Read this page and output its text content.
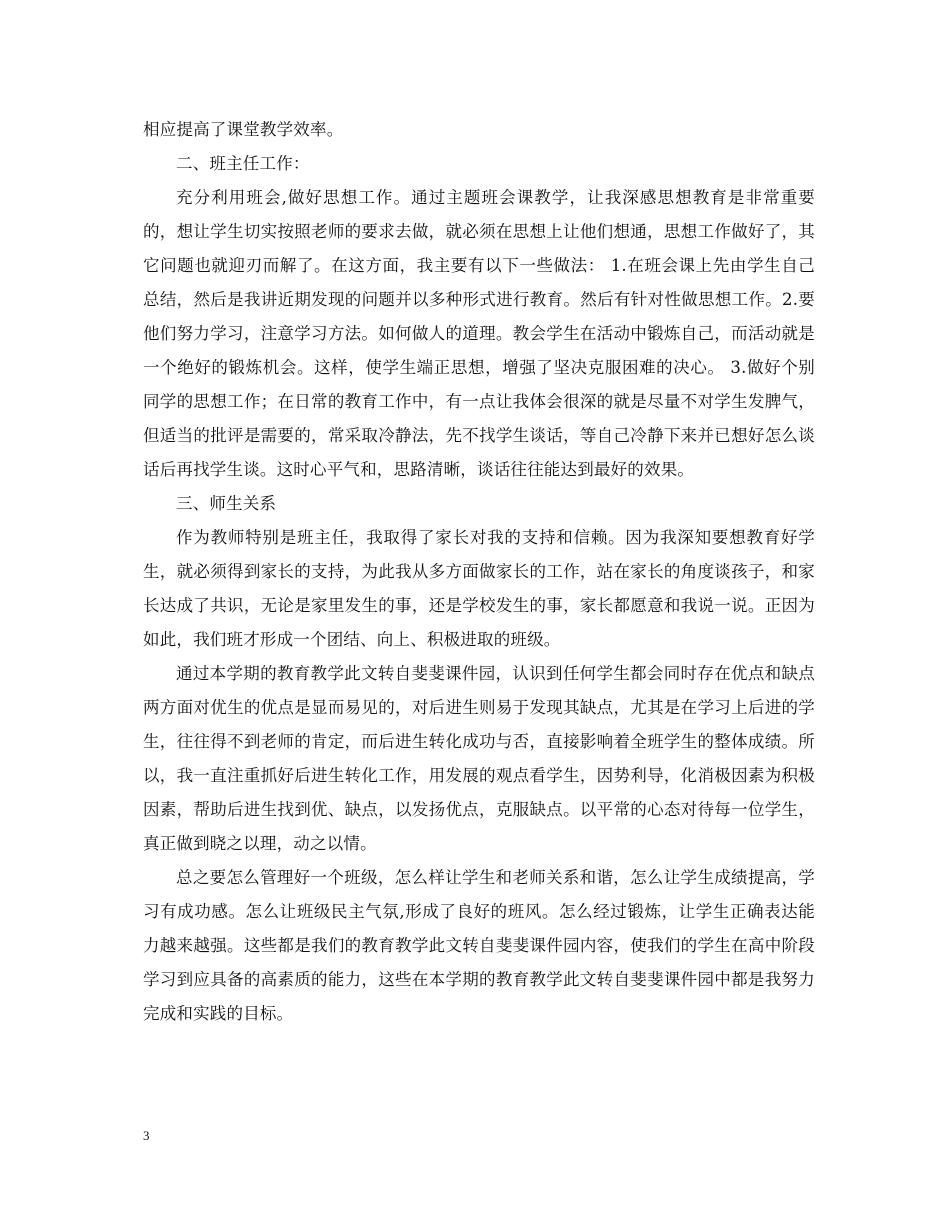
相应提高了课堂教学效率。

二、班主任工作：

充分利用班会,做好思想工作。通过主题班会课教学，让我深感思想教育是非常重要的，想让学生切实按照老师的要求去做，就必须在思想上让他们想通，思想工作做好了，其它问题也就迎刃而解了。在这方面，我主要有以下一些做法： 1.在班会课上先由学生自己总结，然后是我讲近期发现的问题并以多种形式进行教育。然后有针对性做思想工作。2.要他们努力学习，注意学习方法。如何做人的道理。教会学生在活动中锻炼自己，而活动就是一个绝好的锻炼机会。这样，使学生端正思想，增强了坚决克服困难的决心。 3.做好个别同学的思想工作；在日常的教育工作中，有一点让我体会很深的就是尽量不对学生发脾气，但适当的批评是需要的，常采取冷静法，先不找学生谈话，等自己冷静下来并已想好怎么谈话后再找学生谈。这时心平气和，思路清晰，谈话往往能达到最好的效果。

三、师生关系

作为教师特别是班主任，我取得了家长对我的支持和信赖。因为我深知要想教育好学生，就必须得到家长的支持，为此我从多方面做家长的工作，站在家长的角度谈孩子，和家长达成了共识，无论是家里发生的事，还是学校发生的事，家长都愿意和我说一说。正因为如此，我们班才形成一个团结、向上、积极进取的班级。

通过本学期的教育教学此文转自斐斐课件园，认识到任何学生都会同时存在优点和缺点两方面对优生的优点是显而易见的，对后进生则易于发现其缺点，尤其是在学习上后进的学生，往往得不到老师的肯定，而后进生转化成功与否，直接影响着全班学生的整体成绩。所以，我一直注重抓好后进生转化工作，用发展的观点看学生，因势利导，化消极因素为积极因素，帮助后进生找到优、缺点，以发扬优点，克服缺点。以平常的心态对待每一位学生，真正做到晓之以理，动之以情。

总之要怎么管理好一个班级，怎么样让学生和老师关系和谐，怎么让学生成绩提高，学习有成功感。怎么让班级民主气氛,形成了良好的班风。怎么经过锻炼，让学生正确表达能力越来越强。这些都是我们的教育教学此文转自斐斐课件园内容，使我们的学生在高中阶段学习到应具备的高素质的能力，这些在本学期的教育教学此文转自斐斐课件园中都是我努力完成和实践的目标。

3
